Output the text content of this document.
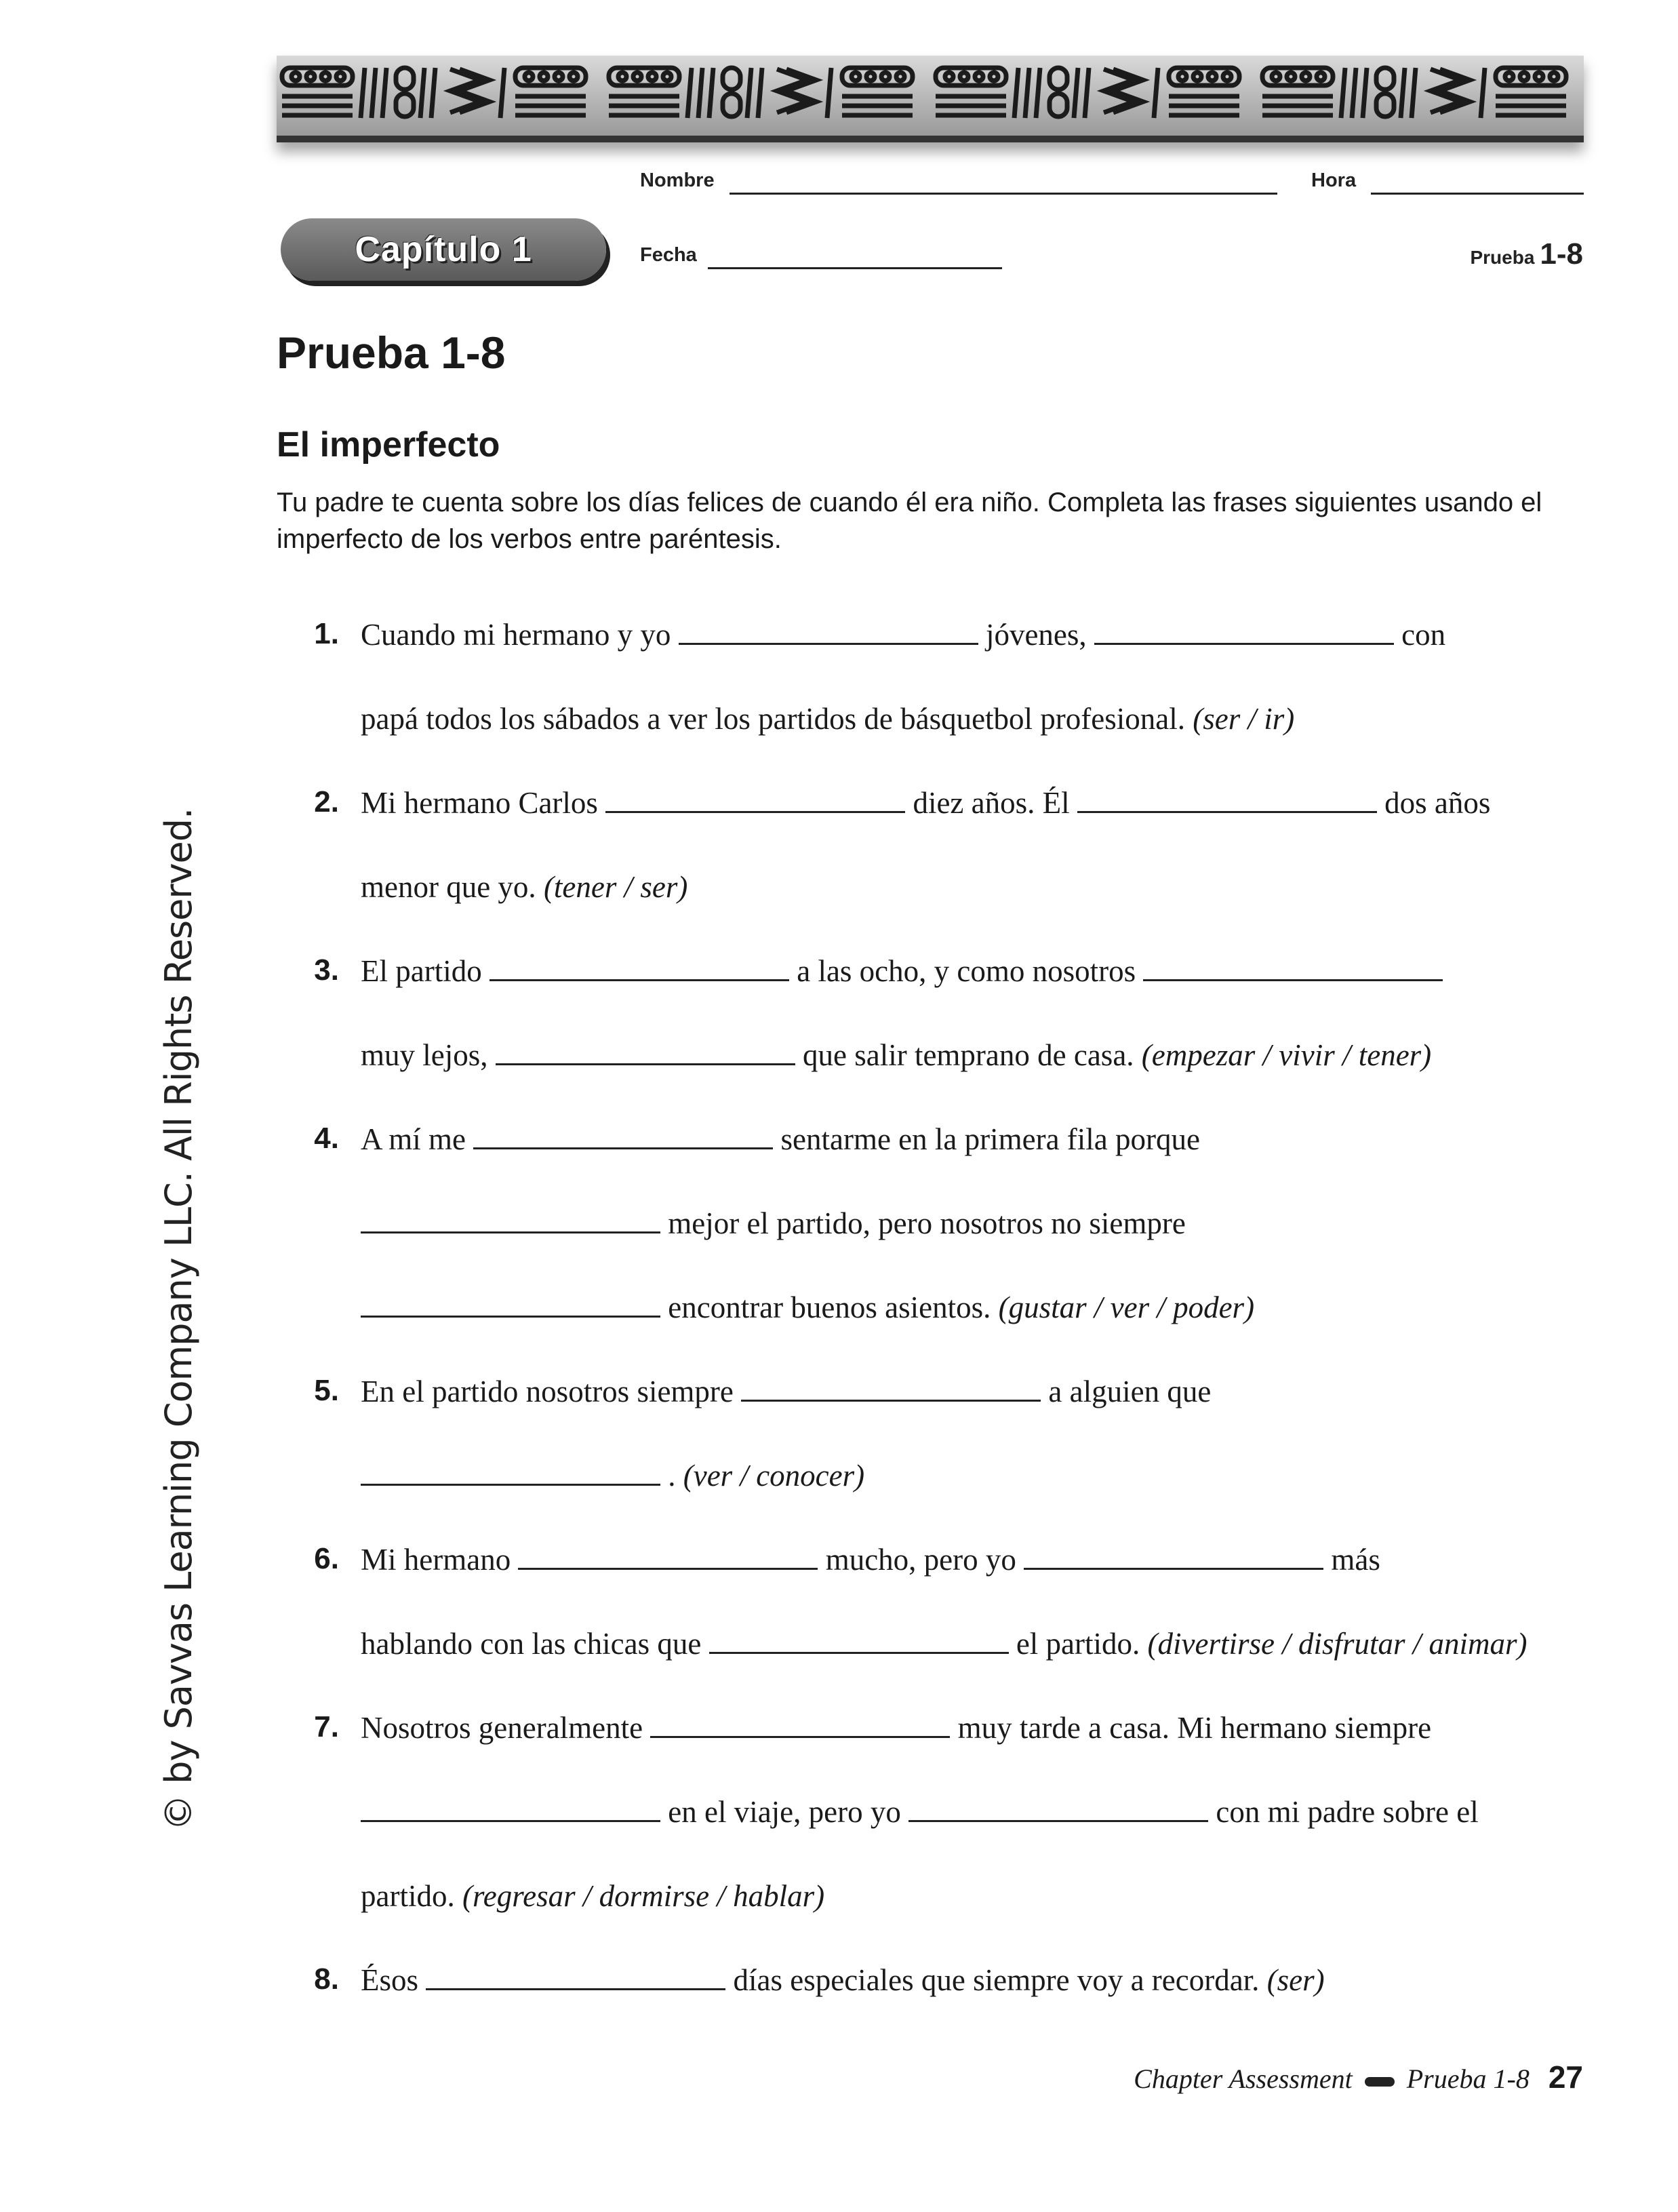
Nombre	Hora
Fecha
Capítulo 1	Prueba 1-8
Prueba 1-8
El imperfecto

Tu padre te cuenta sobre los días felices de cuando él era niño. Completa las frases siguientes usando el imperfecto de los verbos entre paréntesis.

1. Cuando mi hermano y yo	jóvenes,	con
papá todos los sábados a ver los partidos de básquetbol profesional. (ser / ir)
2. Mi hermano Carlos	diez años. Él	dos años
menor que yo. (tener / ser)
3. El partido	a las ocho, y como nosotros
muy lejos,	que salir temprano de casa. (empezar / vivir / tener)
4. A mí me	sentarme en la primera fila porque
mejor el partido, pero nosotros no siempre
encontrar buenos asientos. (gustar / ver / poder)
5. En el partido nosotros siempre	a alguien que
. (ver / conocer)
6. Mi hermano	mucho, pero yo	más
hablando con las chicas que	el partido. (divertirse / disfrutar / animar)
7. Nosotros generalmente	muy tarde a casa. Mi hermano siempre
en el viaje, pero yo	con mi padre sobre el
partido. (regresar / dormirse / hablar)
8. Ésos	días especiales que siempre voy a recordar. (ser)
© by Savvas Learning Company LLC. All Rights Reserved.
Chapter Assessment Prueba 1-8 27
